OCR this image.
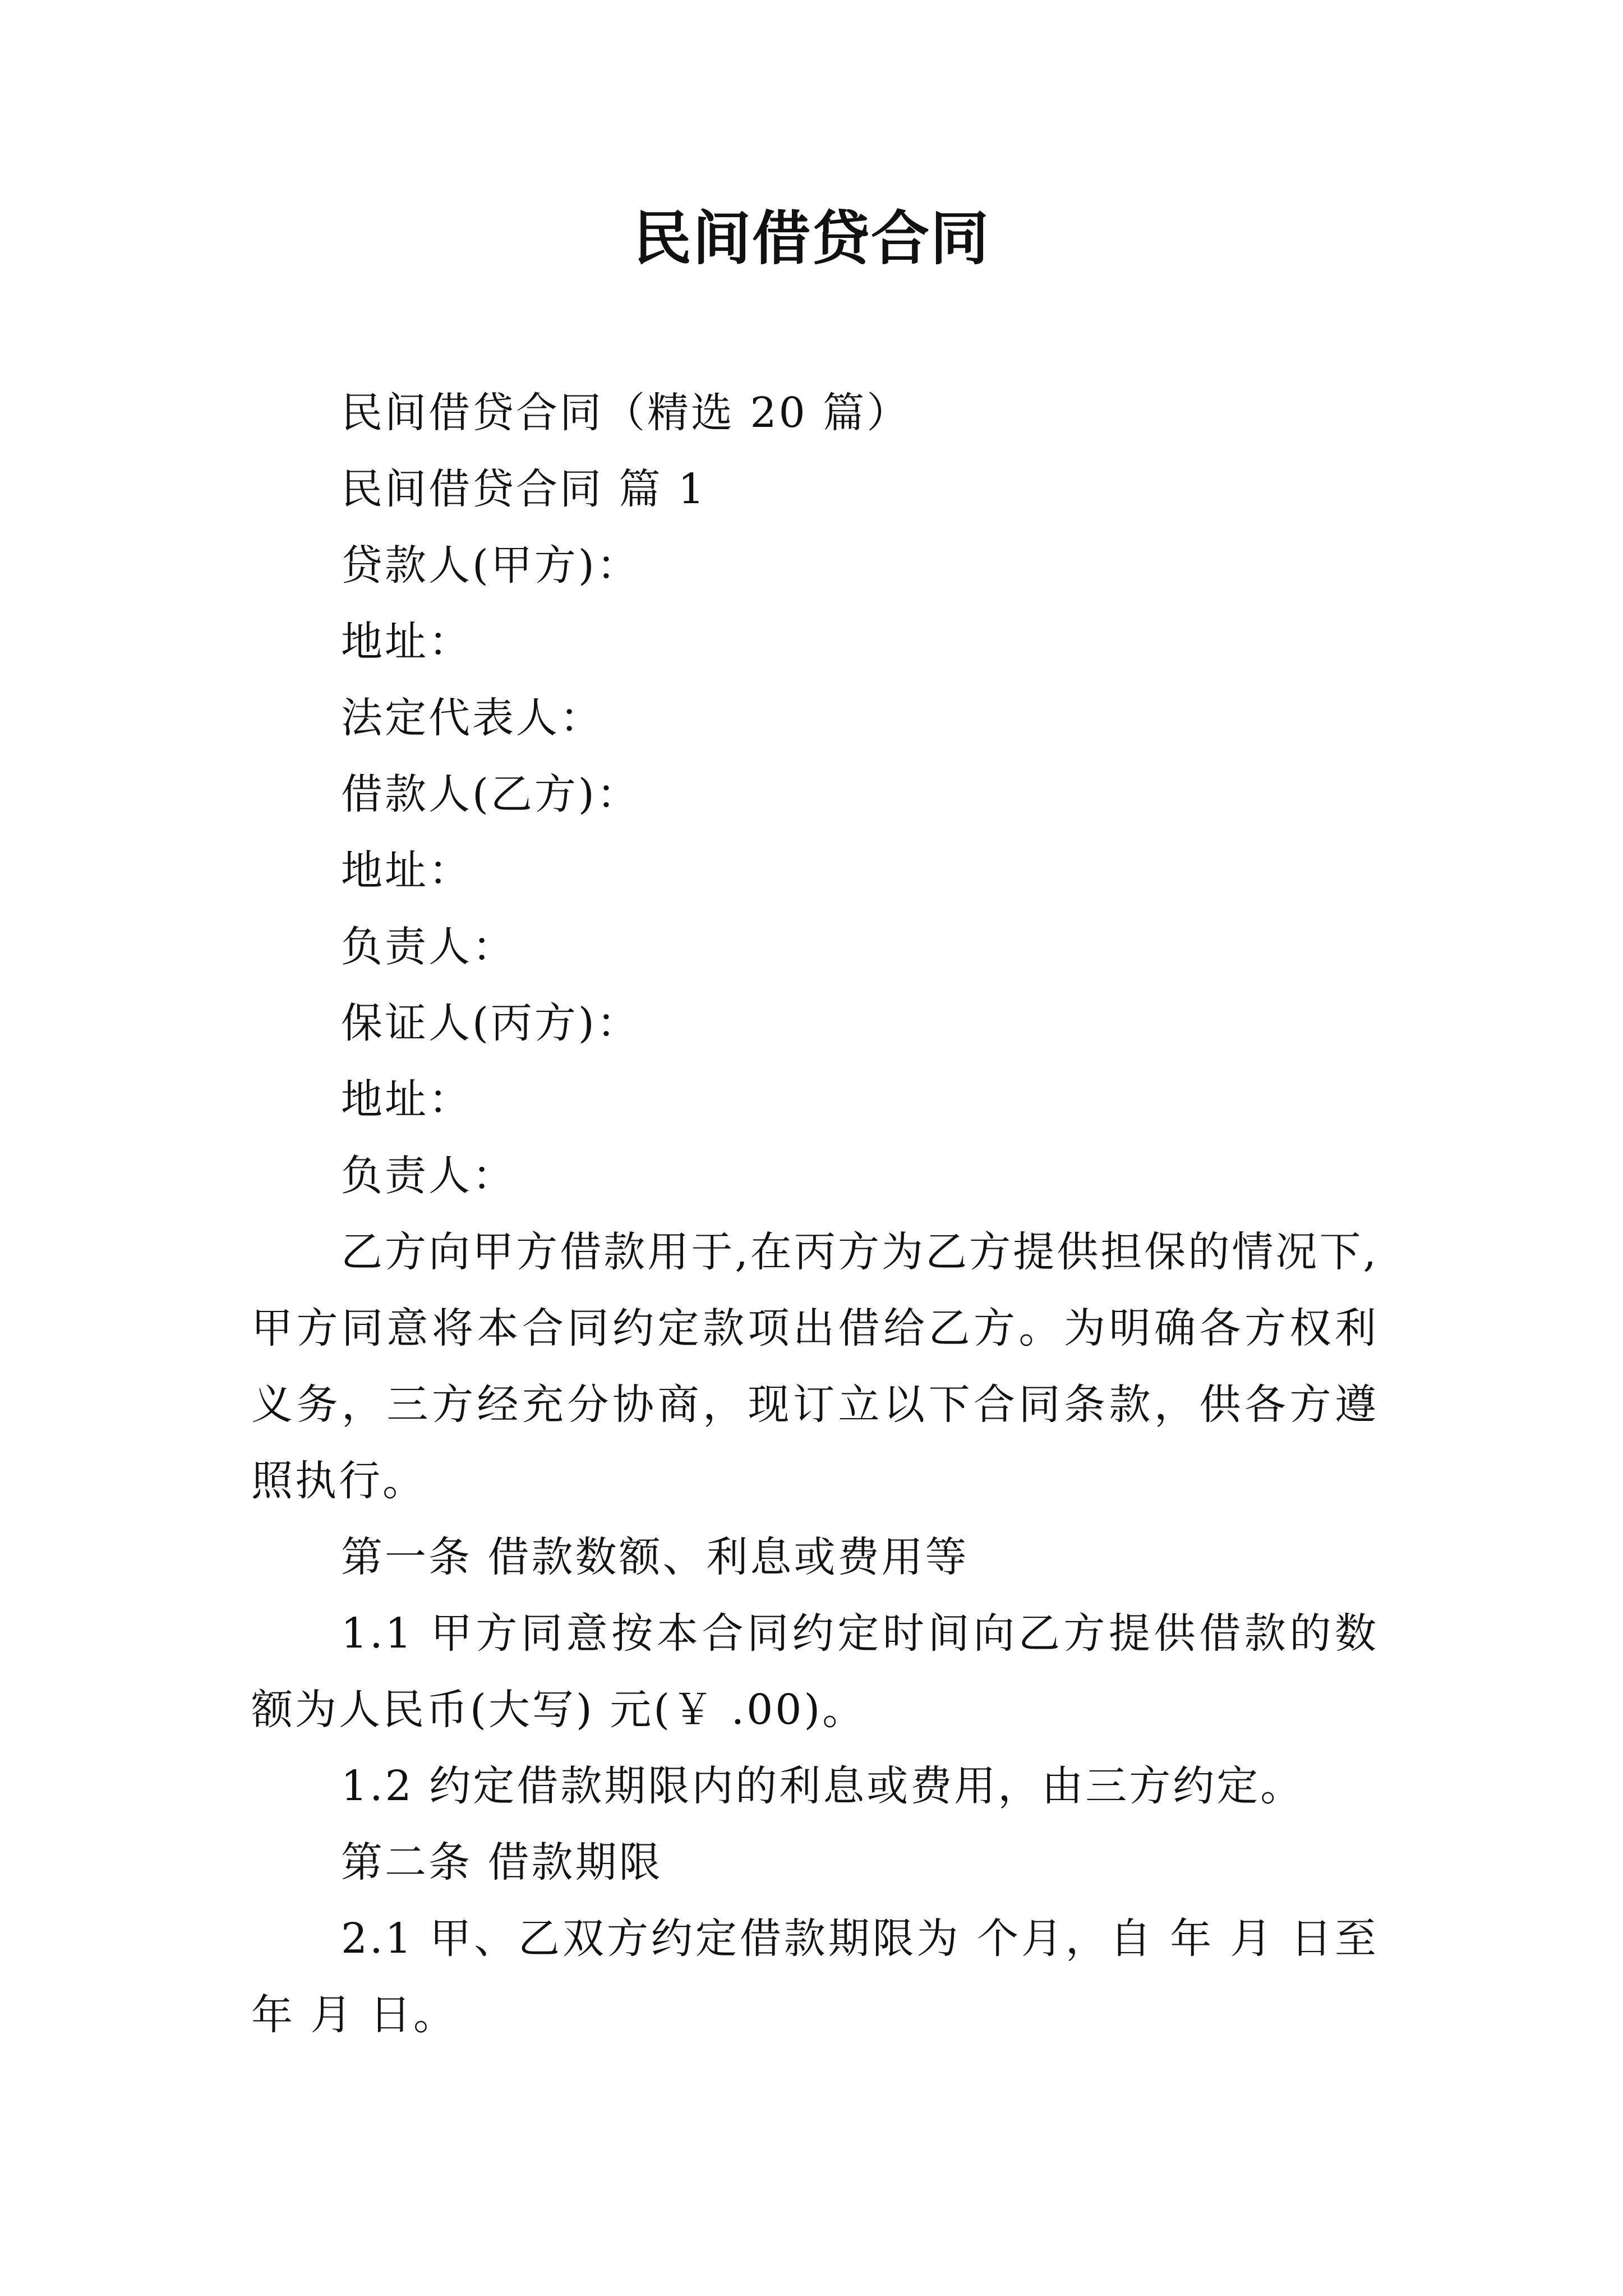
民间借贷合同

民间借贷合同（精选 20 篇）

民间借贷合同 篇 1

贷款人(甲方)：

地址：

法定代表人：

借款人(乙方)：

地址：

负责人：

保证人(丙方)：

地址：

负责人：

乙方向甲方借款用于,在丙方为乙方提供担保的情况下,甲方同意将本合同约定款项出借给乙方。为明确各方权利义务，三方经充分协商，现订立以下合同条款，供各方遵照执行。

第一条 借款数额、利息或费用等

1.1 甲方同意按本合同约定时间向乙方提供借款的数额为人民币(大写) 元(￥ .00)。

1.2 约定借款期限内的利息或费用，由三方约定。

第二条 借款期限

2.1 甲、乙双方约定借款期限为 个月，自 年 月 日至 年 月 日。
